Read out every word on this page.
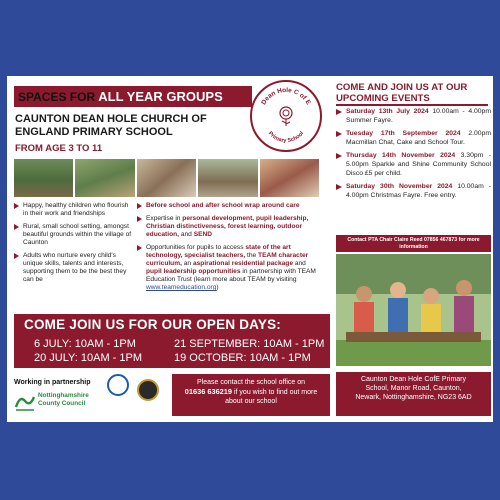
SPACES FOR ALL YEAR GROUPS
CAUNTON DEAN HOLE CHURCH OF ENGLAND PRIMARY SCHOOL
FROM AGE 3 TO 11
Dean Hole C of E
Primary School
Happy, healthy children who flourish in their work and friendships
Rural, small school setting, amongst beautiful grounds within the village of Caunton
Adults who nurture every child's unique skills, talents and interests, supporting them to be the best they can be
Before school and after school wrap around care
Expertise in personal development, pupil leadership, Christian distinctiveness, forest learning, outdoor education, and SEND
Opportunities for pupils to access state of the art technology, specialist teachers, the TEAM character curriculum, an aspirational residential package and pupil leadership opportunities in partnership with TEAM Education Trust (learn more about TEAM by visiting www.teameducation.org)
COME JOIN US FOR OUR OPEN DAYS:
6 JULY: 10AM - 1PM	21 SEPTEMBER: 10AM - 1PM
20 JULY: 10AM - 1PM	19 OCTOBER: 10AM - 1PM
Working in partnership
Nottinghamshire
County Council
Please contact the school office on
01636 636219 if you wish to find out more about our school
COME AND JOIN US AT OUR UPCOMING EVENTS
Saturday 13th July 2024 10.00am - 4.00pm Summer Fayre.
Tuesday 17th September 2024 2.00pm Macmillan Chat, Cake and School Tour.
Thursday 14th November 2024 3.30pm - 5.00pm Sparkle and Shine Community School Disco £5 per child.
Saturday 30th November 2024 10.00am - 4.00pm Christmas Fayre. Free entry.
Contact PTA Chair Claire Reed 07856 467873 for more information
Caunton Dean Hole CofE Primary
School, Manor Road, Caunton,
Newark, Nottinghamshire, NG23 6AD
